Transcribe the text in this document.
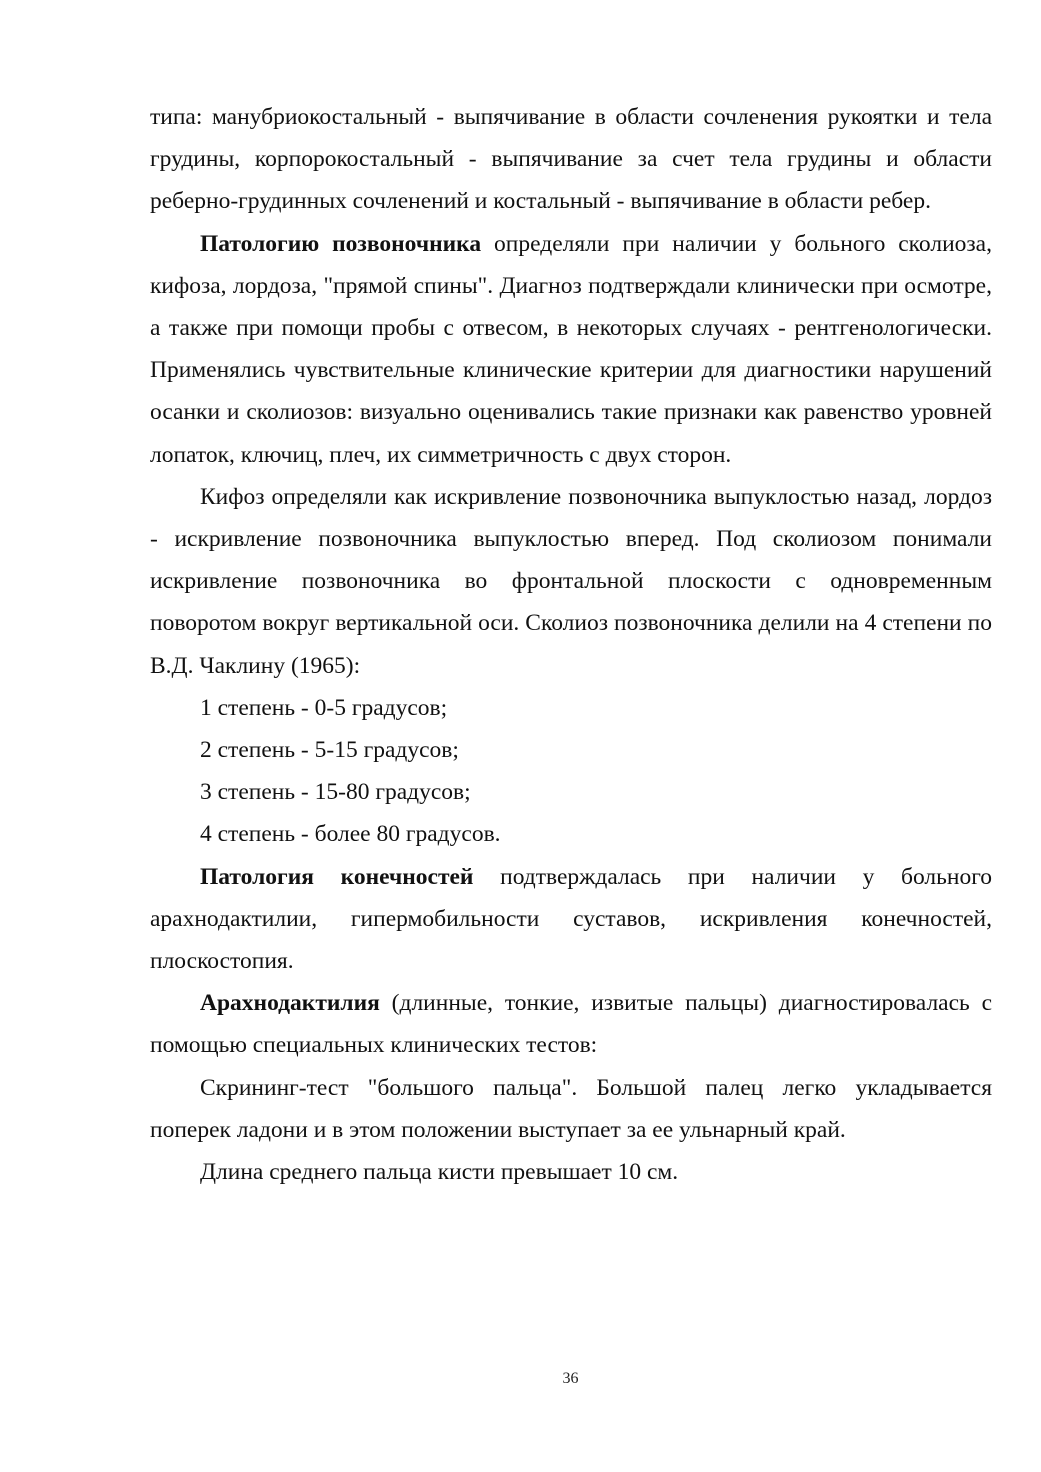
типа: манубриокостальный - выпячивание в области сочленения рукоятки и тела грудины, корпорокостальный - выпячивание за счет тела грудины и области реберно-грудинных сочленений и костальный - выпячивание в области ребер.

Патологию позвоночника определяли при наличии у больного сколиоза, кифоза, лордоза, "прямой спины". Диагноз подтверждали клинически при осмотре, а также при помощи пробы с отвесом, в некоторых случаях - рентгенологически. Применялись чувствительные клинические критерии для диагностики нарушений осанки и сколиозов: визуально оценивались такие признаки как равенство уровней лопаток, ключиц, плеч, их симметричность с двух сторон.

Кифоз определяли как искривление позвоночника выпуклостью назад, лордоз - искривление позвоночника выпуклостью вперед. Под сколиозом понимали искривление позвоночника во фронтальной плоскости с одновременным поворотом вокруг вертикальной оси. Сколиоз позвоночника делили на 4 степени по В.Д. Чаклину (1965):

1 степень - 0-5 градусов;

2 степень - 5-15 градусов;

3 степень - 15-80 градусов;

4 степень - более 80 градусов.

Патология конечностей подтверждалась при наличии у больного арахнодактилии, гипермобильности суставов, искривления конечностей, плоскостопия.

Арахнодактилия (длинные, тонкие, извитые пальцы) диагностировалась с помощью специальных клинических тестов:

Скрининг-тест "большого пальца". Большой палец легко укладывается поперек ладони и в этом положении выступает за ее ульнарный край.

Длина среднего пальца кисти превышает 10 см.

36
